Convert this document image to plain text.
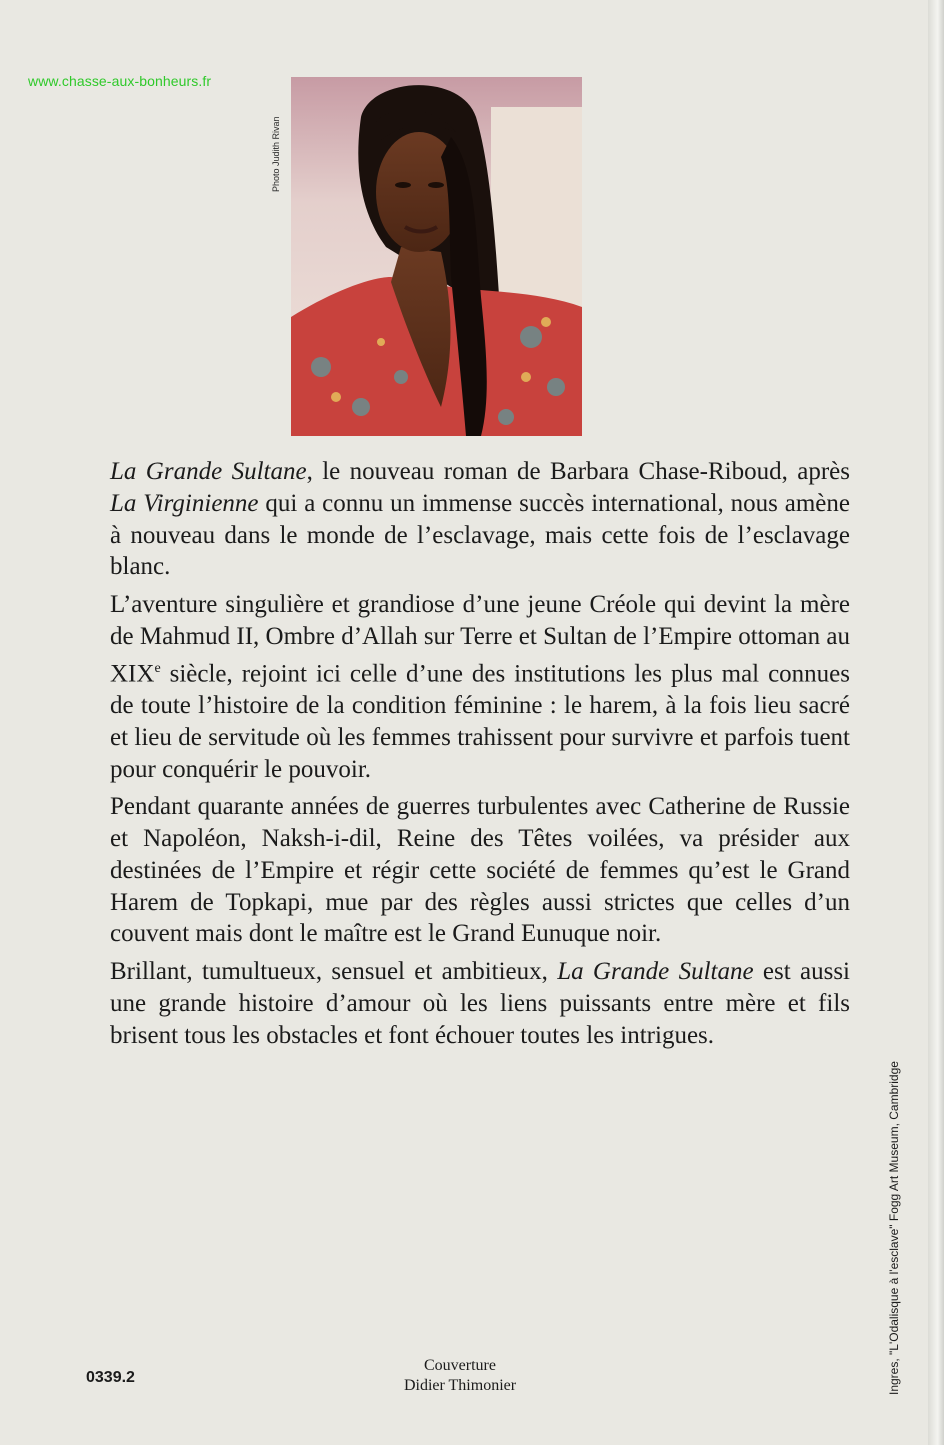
www.chasse-aux-bonheurs.fr
Photo Judith Rivan

La Grande Sultane, le nouveau roman de Barbara Chase-Riboud, après La Virginienne qui a connu un immense succès international, nous amène à nouveau dans le monde de l’esclavage, mais cette fois de l’esclavage blanc.

L’aventure singulière et grandiose d’une jeune Créole qui devint la mère de Mahmud II, Ombre d’Allah sur Terre et Sultan de l’Empire ottoman au XIXe siècle, rejoint ici celle d’une des institutions les plus mal connues de toute l’histoire de la condition féminine : le harem, à la fois lieu sacré et lieu de servitude où les femmes trahissent pour survivre et parfois tuent pour conquérir le pouvoir.

Pendant quarante années de guerres turbulentes avec Catherine de Russie et Napoléon, Naksh-i-dil, Reine des Têtes voilées, va présider aux destinées de l’Empire et régir cette société de femmes qu’est le Grand Harem de Topkapi, mue par des règles aussi strictes que celles d’un couvent mais dont le maître est le Grand Eunuque noir.

Brillant, tumultueux, sensuel et ambitieux, La Grande Sultane est aussi une grande histoire d’amour où les liens puissants entre mère et fils brisent tous les obstacles et font échouer toutes les intrigues.

Couverture
Didier Thimonier
0339.2	Ingres, "L'Odalisque à l'esclave" Fogg Art Museum, Cambridge
